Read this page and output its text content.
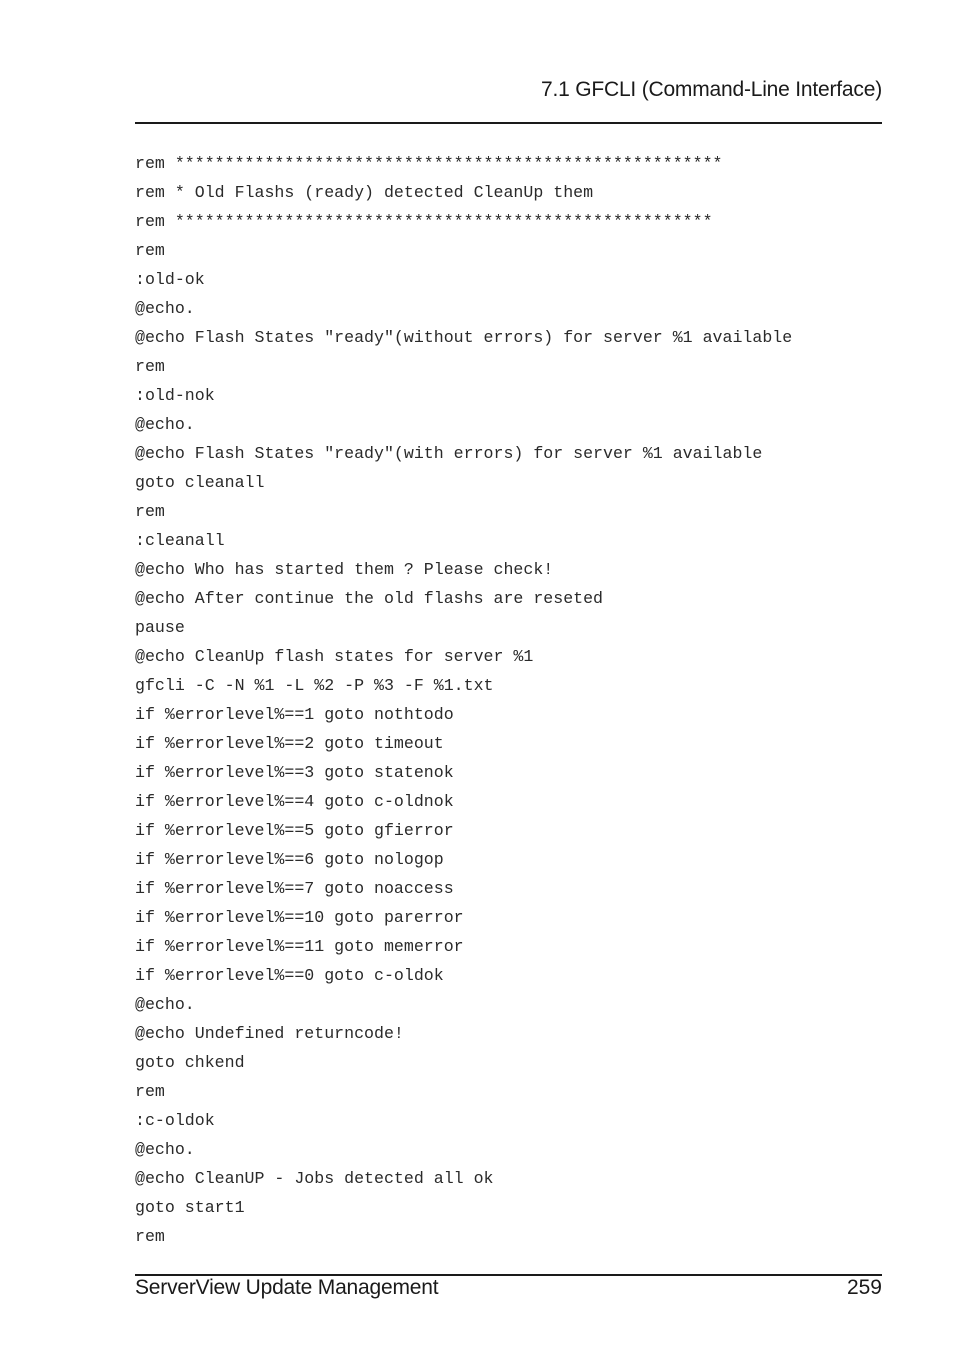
7.1 GFCLI (Command-Line Interface)
rem *******************************************************
rem * Old Flashs (ready) detected CleanUp them
rem ******************************************************
rem
:old-ok
@echo.
@echo Flash States "ready"(without errors) for server %1 available
rem
:old-nok
@echo.
@echo Flash States "ready"(with errors) for server %1 available
goto cleanall
rem
:cleanall
@echo Who has started them ? Please check!
@echo After continue the old flashs are reseted
pause
@echo CleanUp flash states for server %1
gfcli -C -N %1 -L %2 -P %3 -F %1.txt
if %errorlevel%==1 goto nothtodo
if %errorlevel%==2 goto timeout
if %errorlevel%==3 goto statenok
if %errorlevel%==4 goto c-oldnok
if %errorlevel%==5 goto gfierror
if %errorlevel%==6 goto nologop
if %errorlevel%==7 goto noaccess
if %errorlevel%==10 goto parerror
if %errorlevel%==11 goto memerror
if %errorlevel%==0 goto c-oldok
@echo.
@echo Undefined returncode!
goto chkend
rem
:c-oldok
@echo.
@echo CleanUP - Jobs detected all ok
goto start1
rem
ServerView Update Management	259
